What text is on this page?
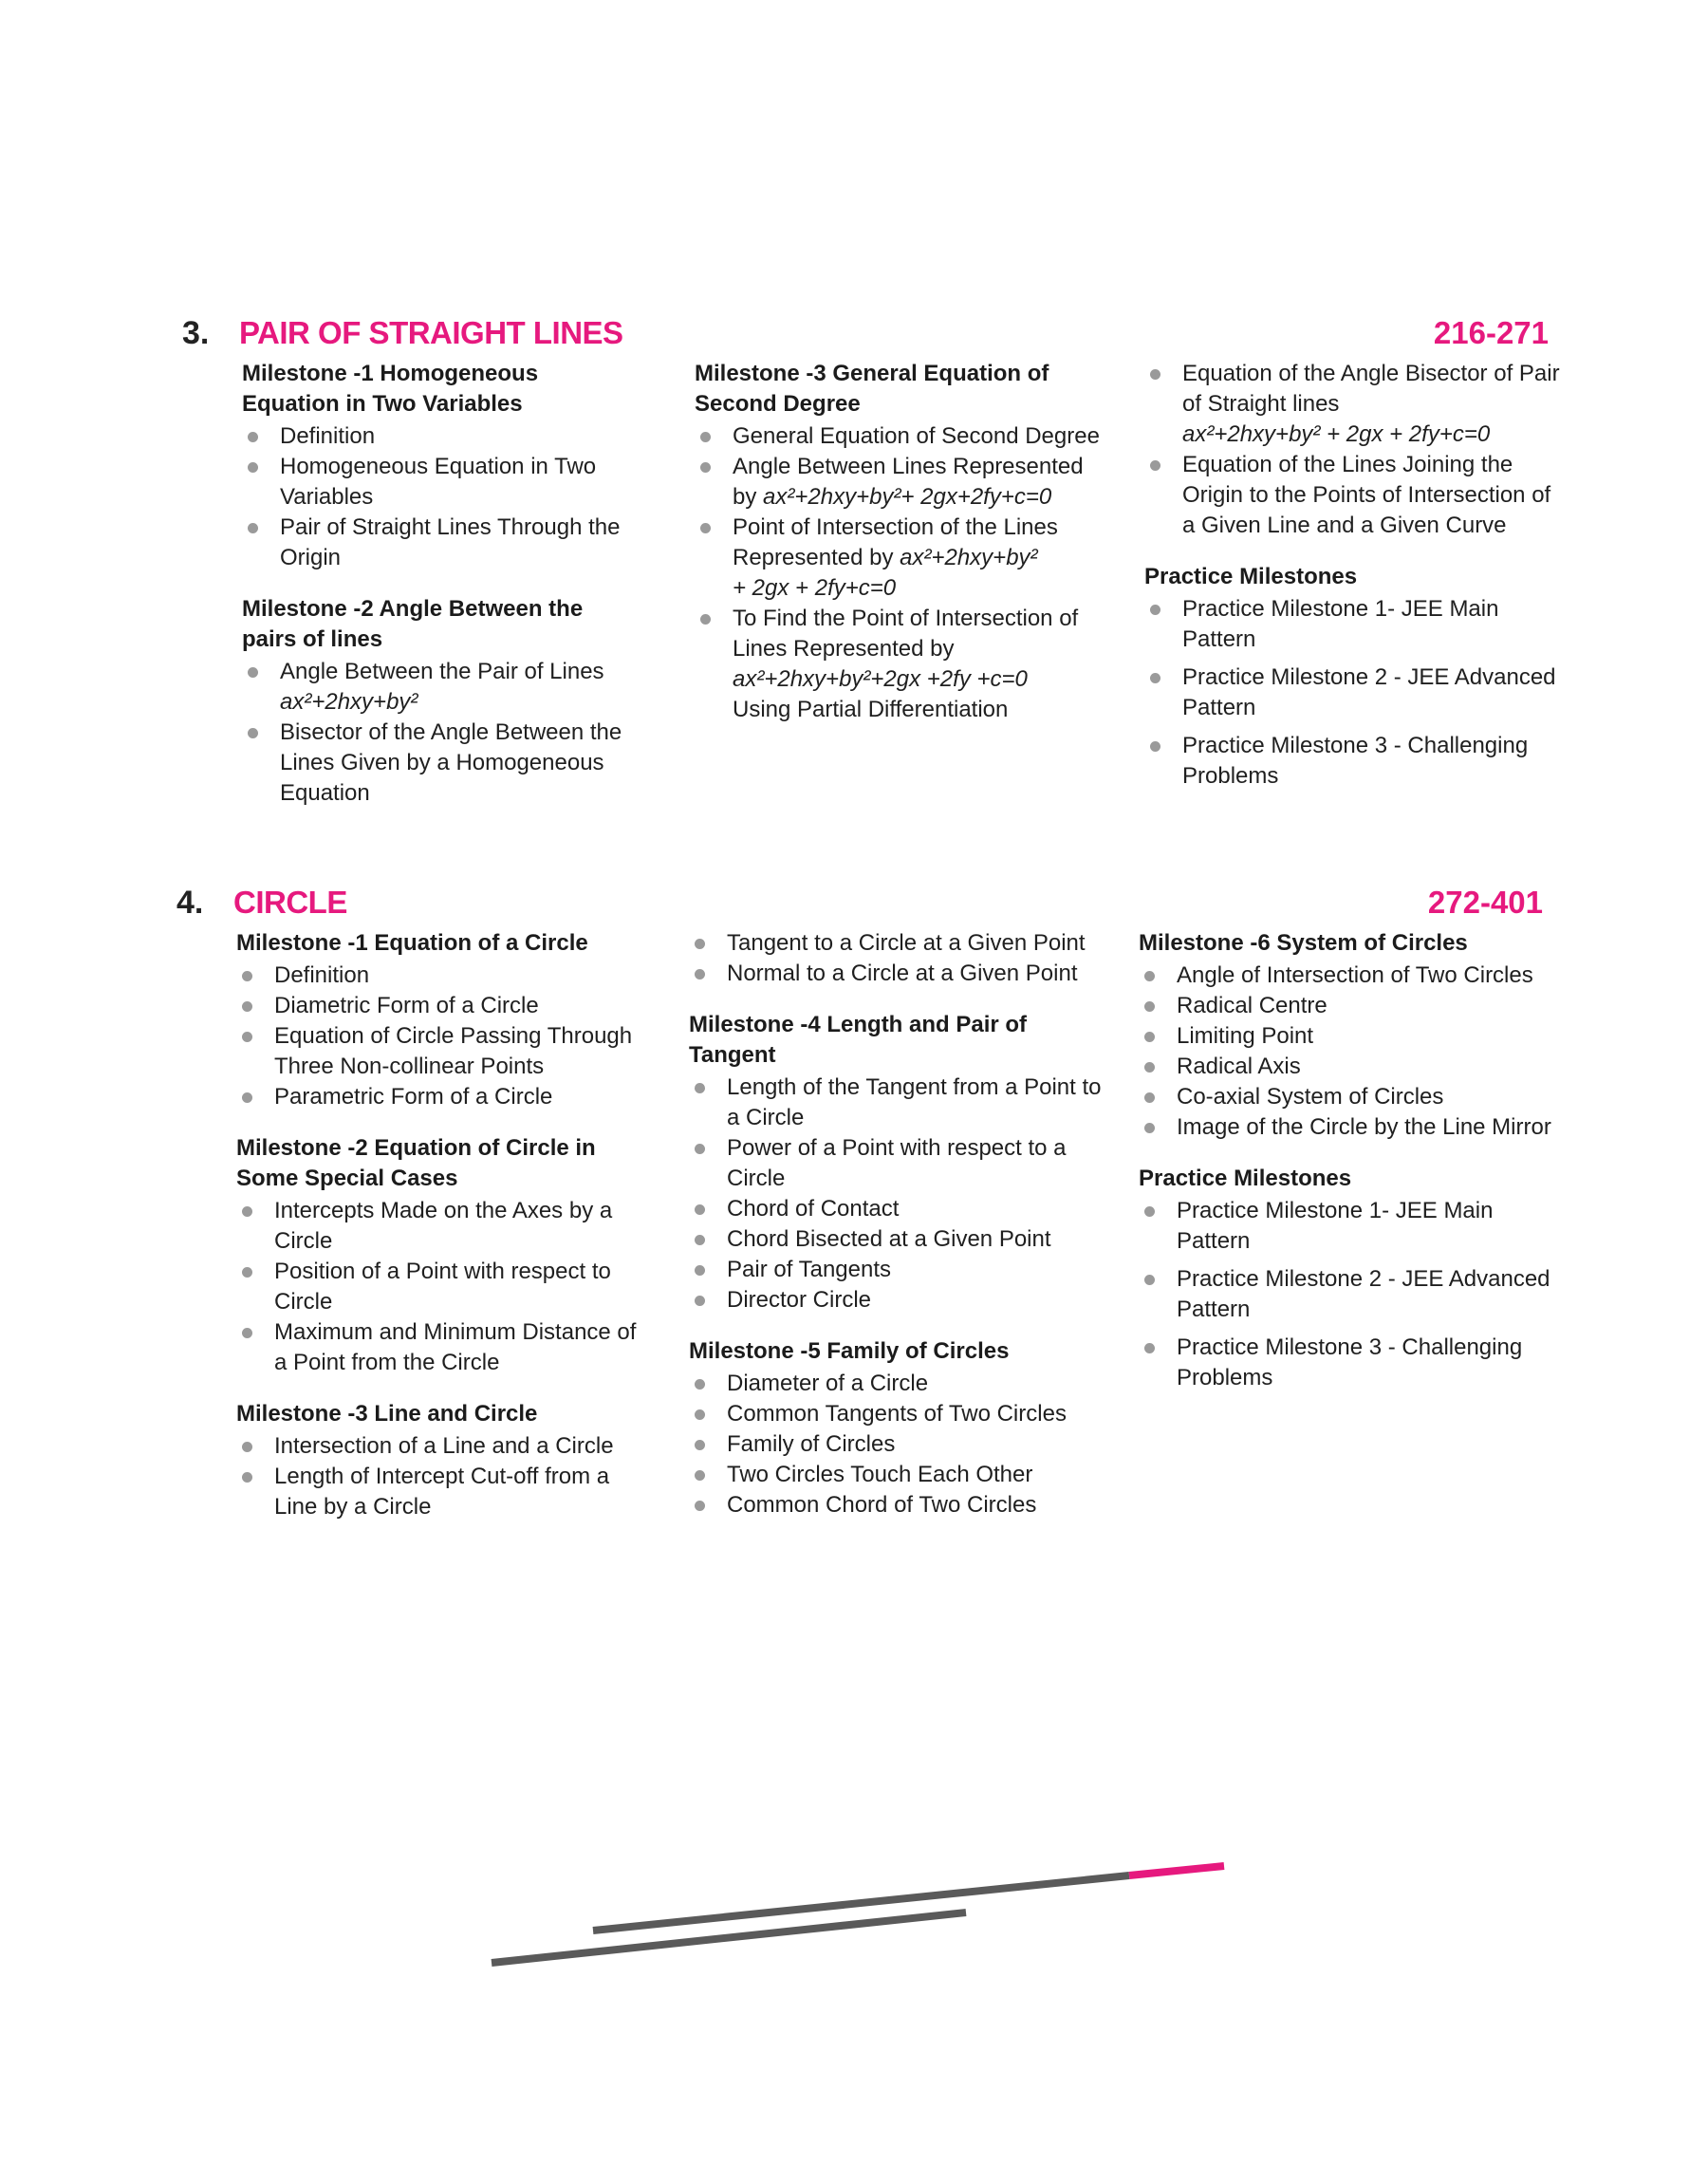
3. PAIR OF STRAIGHT LINES	216-271
Milestone -1 Homogeneous
Equation in Two Variables
Definition
Homogeneous Equation in Two Variables
Pair of Straight Lines Through the Origin
Milestone -2 Angle Between the
pairs of lines
Angle Between the Pair of Lines
ax²+2hxy+by²
Bisector of the Angle Between the Lines Given by a Homogeneous Equation
Milestone -3 General Equation of
Second Degree
General Equation of Second Degree
Angle Between Lines Represented by ax²+2hxy+by²+ 2gx+2fy+c=0
Point of Intersection of the Lines Represented by ax²+2hxy+by²
+ 2gx + 2fy+c=0
To Find the Point of Intersection of Lines Represented by
ax²+2hxy+by²+2gx +2fy +c=0
Using Partial Differentiation
Equation of the Angle Bisector of Pair of Straight lines
ax²+2hxy+by² + 2gx + 2fy+c=0
Equation of the Lines Joining the Origin to the Points of Intersection of a Given Line and a Given Curve
Practice Milestones
Practice Milestone 1- JEE Main Pattern
Practice Milestone 2 - JEE Advanced Pattern
Practice Milestone 3 - Challenging Problems
4. CIRCLE	272-401
Milestone -1 Equation of a Circle
Definition
Diametric Form of a Circle
Equation of Circle Passing Through Three Non-collinear Points
Parametric Form of a Circle
Milestone -2 Equation of Circle in
Some Special Cases
Intercepts Made on the Axes by a Circle
Position of a Point with respect to Circle
Maximum and Minimum Distance of a Point from the Circle
Milestone -3 Line and Circle
Intersection of a Line and a Circle
Length of Intercept Cut-off from a Line by a Circle
Tangent to a Circle at a Given Point
Normal to a Circle at a Given Point
Milestone -4 Length and Pair of
Tangent
Length of the Tangent from a Point to a Circle
Power of a Point with respect to a Circle
Chord of Contact
Chord Bisected at a Given Point
Pair of Tangents
Director Circle
Milestone -5 Family of Circles
Diameter of a Circle
Common Tangents of Two Circles
Family of Circles
Two Circles Touch Each Other
Common Chord of Two Circles
Milestone -6 System of Circles
Angle of Intersection of Two Circles
Radical Centre
Limiting Point
Radical Axis
Co-axial System of Circles
Image of the Circle by the Line Mirror
Practice Milestones
Practice Milestone 1- JEE Main Pattern
Practice Milestone 2 - JEE Advanced Pattern
Practice Milestone 3 - Challenging Problems
